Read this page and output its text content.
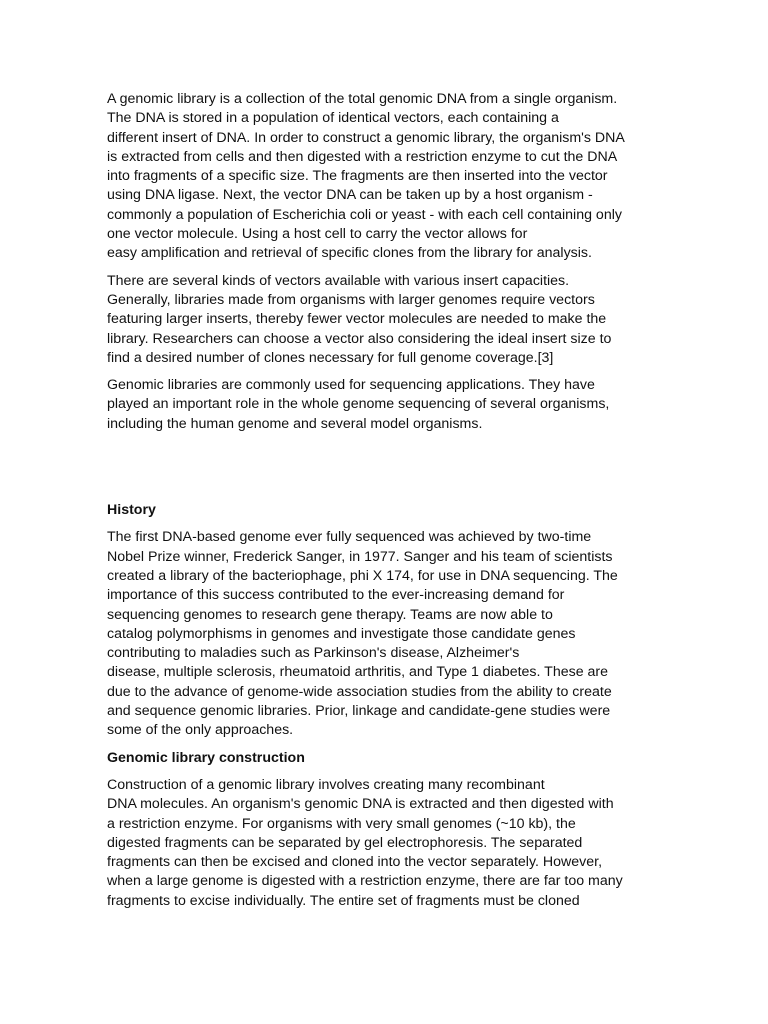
A genomic library is a collection of the total genomic DNA from a single organism.
The DNA is stored in a population of identical vectors, each containing a
different insert of DNA. In order to construct a genomic library, the organism's DNA
is extracted from cells and then digested with a restriction enzyme to cut the DNA
into fragments of a specific size. The fragments are then inserted into the vector
using DNA ligase. Next, the vector DNA can be taken up by a host organism -
commonly a population of Escherichia coli or yeast - with each cell containing only
one vector molecule. Using a host cell to carry the vector allows for
easy amplification and retrieval of specific clones from the library for analysis.

There are several kinds of vectors available with various insert capacities.
Generally, libraries made from organisms with larger genomes require vectors
featuring larger inserts, thereby fewer vector molecules are needed to make the
library. Researchers can choose a vector also considering the ideal insert size to
find a desired number of clones necessary for full genome coverage.[3]

Genomic libraries are commonly used for sequencing applications. They have
played an important role in the whole genome sequencing of several organisms,
including the human genome and several model organisms.

History

The first DNA-based genome ever fully sequenced was achieved by two-time
Nobel Prize winner, Frederick Sanger, in 1977. Sanger and his team of scientists
created a library of the bacteriophage, phi X 174, for use in DNA sequencing. The
importance of this success contributed to the ever-increasing demand for
sequencing genomes to research gene therapy. Teams are now able to
catalog polymorphisms in genomes and investigate those candidate genes
contributing to maladies such as Parkinson's disease, Alzheimer's
disease, multiple sclerosis, rheumatoid arthritis, and Type 1 diabetes. These are
due to the advance of genome-wide association studies from the ability to create
and sequence genomic libraries. Prior, linkage and candidate-gene studies were
some of the only approaches.

Genomic library construction

Construction of a genomic library involves creating many recombinant
DNA molecules. An organism's genomic DNA is extracted and then digested with
a restriction enzyme. For organisms with very small genomes (~10 kb), the
digested fragments can be separated by gel electrophoresis. The separated
fragments can then be excised and cloned into the vector separately. However,
when a large genome is digested with a restriction enzyme, there are far too many
fragments to excise individually. The entire set of fragments must be cloned
